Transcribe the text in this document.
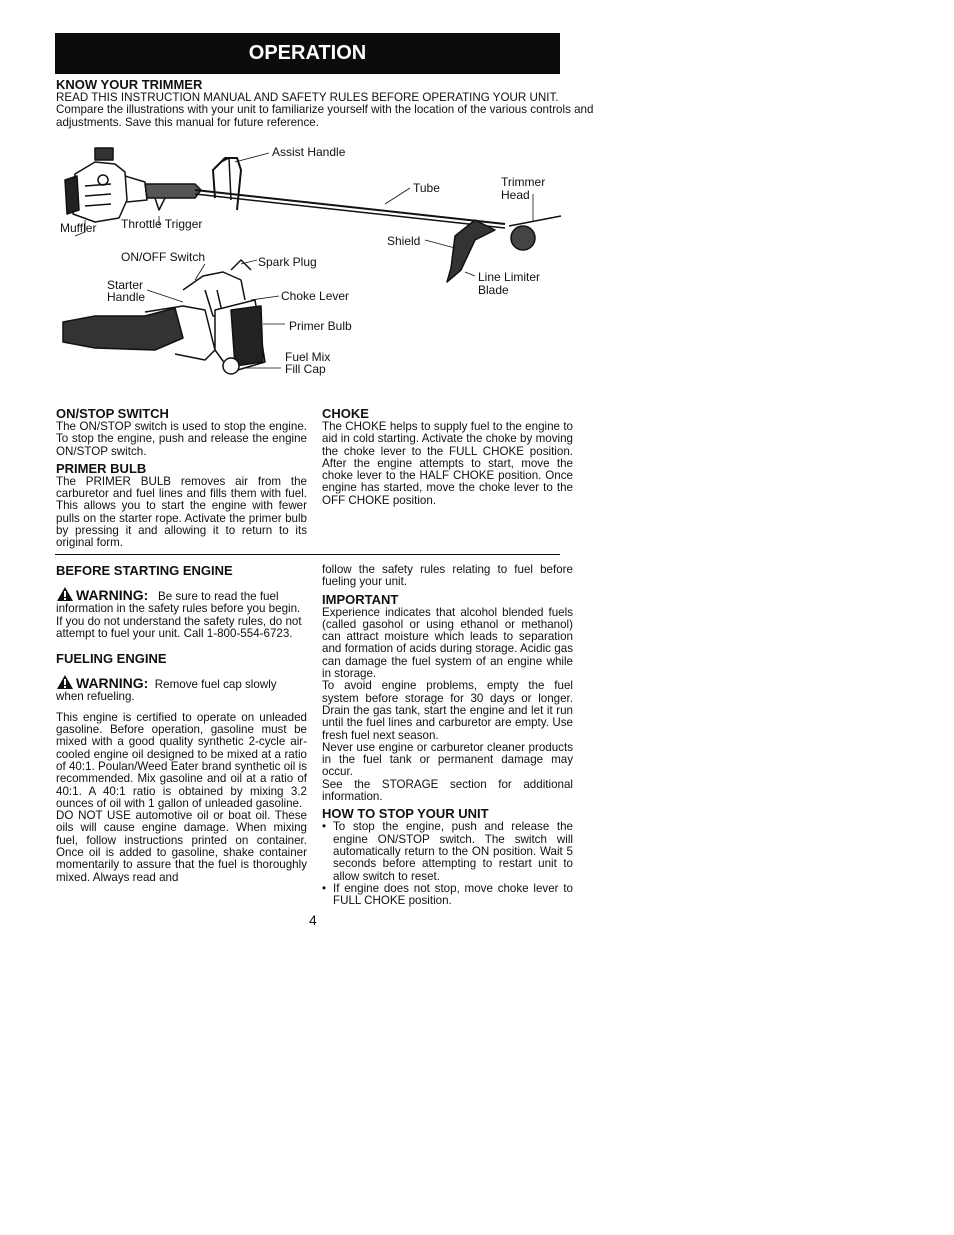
OPERATION

KNOW YOUR TRIMMER

READ THIS INSTRUCTION MANUAL AND SAFETY RULES BEFORE OPERATING YOUR UNIT.

Compare the illustrations with your unit to familiarize yourself with the location of the various controls and adjustments. Save this manual for future reference.

Assist Handle
Tube	Trimmer
Head
Muffler Throttle Trigger
Shield
ON/OFF Switch	Spark Plug
Starter
Handle
Line Limiter
Blade
Choke Lever
Primer Bulb
Fuel Mix
Fill Cap

ON/STOP SWITCH

The ON/STOP switch is used to stop the engine. To stop the engine, push and release the engine ON/STOP switch.

PRIMER BULB

The PRIMER BULB removes air from the carburetor and fuel lines and fills them with fuel. This allows you to start the engine with fewer pulls on the starter rope. Activate the primer bulb by pressing it and allowing it to return to its original form.

CHOKE

The CHOKE helps to supply fuel to the engine to aid in cold starting. Activate the choke by moving the choke lever to the FULL CHOKE position. After the engine attempts to start, move the choke lever to the HALF CHOKE position. Once engine has started, move the choke lever to the OFF CHOKE position.

BEFORE STARTING ENGINE

WARNING: Be sure to read the fuel information in the safety rules before you begin. If you do not understand the safety rules, do not attempt to fuel your unit. Call 1-800-554-6723.

FUELING ENGINE

WARNING: Remove fuel cap slowly when refueling.

This engine is certified to operate on unleaded gasoline. Before operation, gasoline must be mixed with a good quality synthetic 2-cycle air-cooled engine oil designed to be mixed at a ratio of 40:1. Poulan/Weed Eater brand synthetic oil is recommended. Mix gasoline and oil at a ratio of 40:1. A 40:1 ratio is obtained by mixing 3.2 ounces of oil with 1 gallon of unleaded gasoline.

DO NOT USE automotive oil or boat oil. These oils will cause engine damage. When mixing fuel, follow instructions printed on container. Once oil is added to gasoline, shake container momentarily to assure that the fuel is thoroughly mixed. Always read and

follow the safety rules relating to fuel before fueling your unit.

IMPORTANT

Experience indicates that alcohol blended fuels (called gasohol or using ethanol or methanol) can attract moisture which leads to separation and formation of acids during storage. Acidic gas can damage the fuel system of an engine while in storage.

To avoid engine problems, empty the fuel system before storage for 30 days or longer. Drain the gas tank, start the engine and let it run until the fuel lines and carburetor are empty. Use fresh fuel next season.

Never use engine or carburetor cleaner products in the fuel tank or permanent damage may occur.

See the STORAGE section for additional information.

HOW TO STOP YOUR UNIT

• To stop the engine, push and release the engine ON/STOP switch. The switch will automatically return to the ON position. Wait 5 seconds before attempting to restart unit to allow switch to reset.
• If engine does not stop, move choke lever to FULL CHOKE position.
4
